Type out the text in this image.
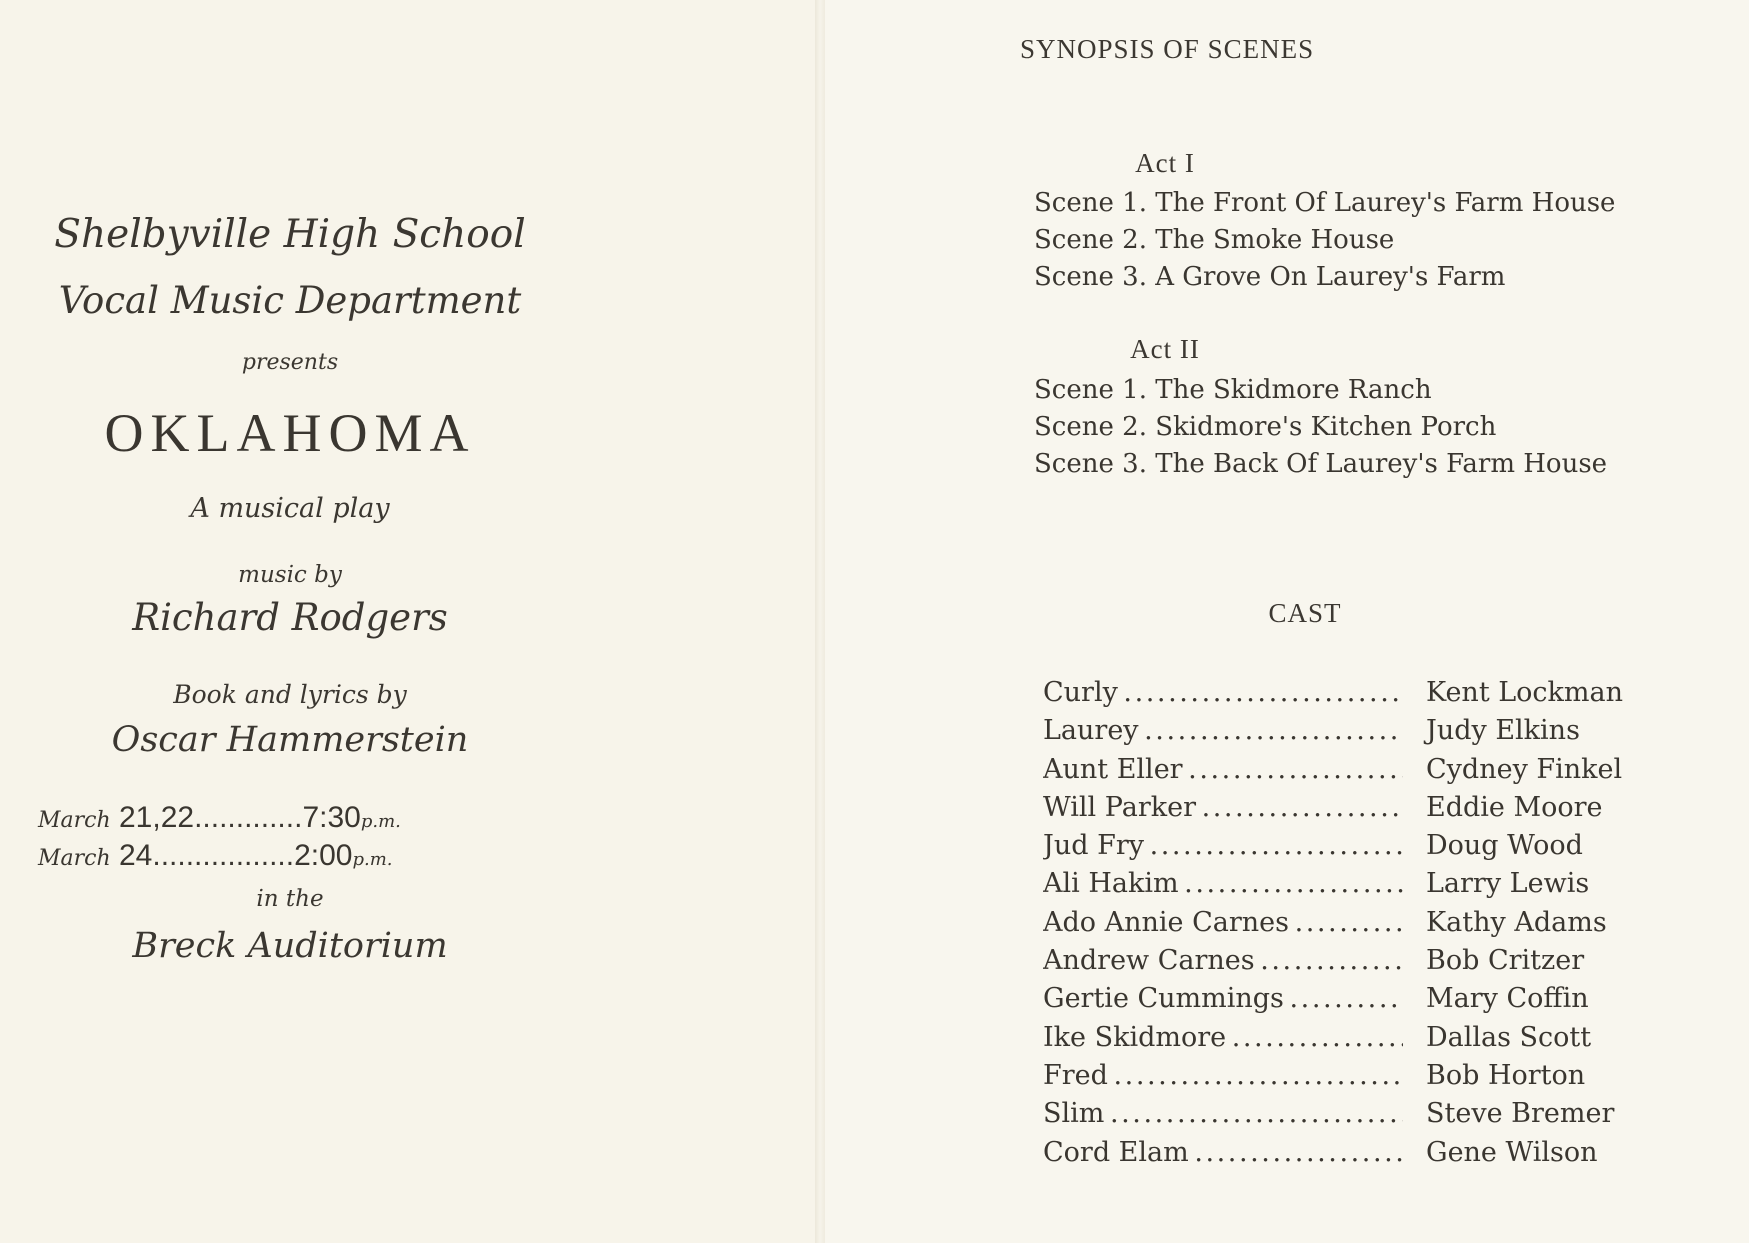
Shelbyville High School
Vocal Music Department
presents
OKLAHOMA
A musical play
music by
Richard Rodgers
Book and lyrics by
Oscar Hammerstein
March 21,22.............7:30p.m.
March 24.................2:00p.m.
in the
Breck Auditorium
SYNOPSIS OF SCENES
Act I
Scene 1. The Front Of Laurey's Farm House
Scene 2. The Smoke House
Scene 3. A Grove On Laurey's Farm
Act II
Scene 1. The Skidmore Ranch
Scene 2. Skidmore's Kitchen Porch
Scene 3. The Back Of Laurey's Farm House
CAST
Curly . . .	Kent Lockman
Laurey . . .	Judy Elkins
Aunt Eller . . .	Cydney Finkel
Will Parker . . .	Eddie Moore
Jud Fry . . .	Doug Wood
Ali Hakim . . .	Larry Lewis
Ado Annie Carnes . . .	Kathy Adams
Andrew Carnes . . .	Bob Critzer
Gertie Cummings . . .	Mary Coffin
Ike Skidmore . . .	Dallas Scott
Fred . . .	Bob Horton
Slim . . .	Steve Bremer
Cord Elam . . .	Gene Wilson
